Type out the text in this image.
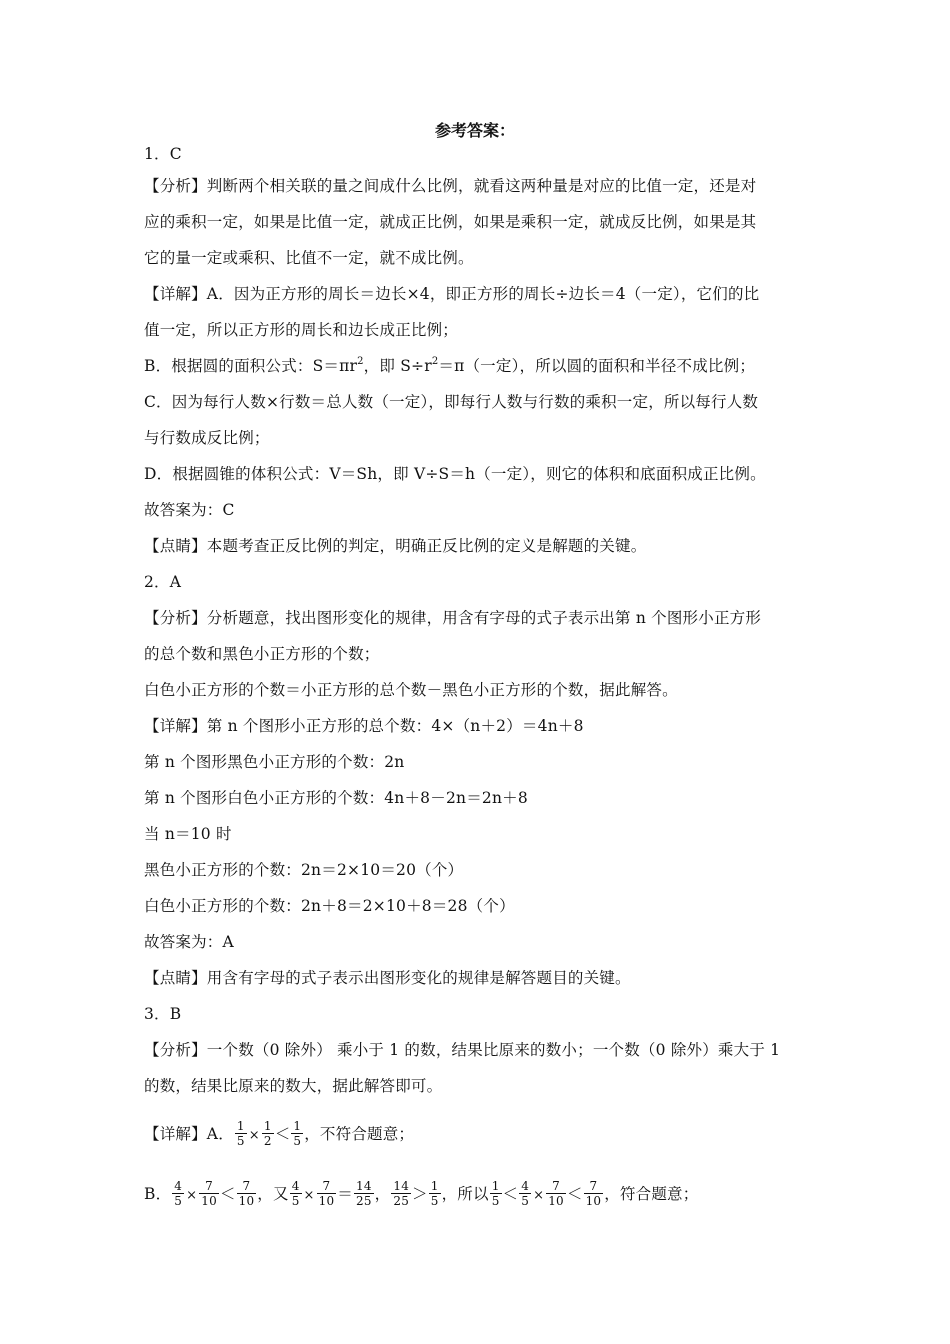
参考答案：
1．C
【分析】判断两个相关联的量之间成什么比例，就看这两种量是对应的比值一定，还是对
应的乘积一定，如果是比值一定，就成正比例，如果是乘积一定，就成反比例，如果是其
它的量一定或乘积、比值不一定，就不成比例。
【详解】A．因为正方形的周长＝边长×4，即正方形的周长÷边长＝4（一定），它们的比
值一定，所以正方形的周长和边长成正比例；
B．根据圆的面积公式：$S=\pi r^2$，即 $S\div r^2=\pi$（一定），所以圆的面积和半径不成比例；
C．因为每行人数×行数＝总人数（一定），即每行人数与行数的乘积一定，所以每行人数
与行数成反比例；
D．根据圆锥的体积公式：V＝Sh，即 V÷S＝h（一定），则它的体积和底面积成正比例。
故答案为：C
【点睛】本题考查正反比例的判定，明确正反比例的定义是解题的关键。
2．A
【分析】分析题意，找出图形变化的规律，用含有字母的式子表示出第 n 个图形小正方形
的总个数和黑色小正方形的个数；
白色小正方形的个数＝小正方形的总个数－黑色小正方形的个数，据此解答。
【详解】第 n 个图形小正方形的总个数：4×（n＋2）＝4n＋8
第 n 个图形黑色小正方形的个数：2n
第 n 个图形白色小正方形的个数：4n＋8－2n＝2n＋8
当 n＝10 时
黑色小正方形的个数：2n＝2×10＝20（个）
白色小正方形的个数：2n＋8＝2×10＋8＝28（个）
故答案为：A
【点睛】用含有字母的式子表示出图形变化的规律是解答题目的关键。
3．B
【分析】一个数（0 除外） 乘小于 1 的数，结果比原来的数小；一个数（0 除外）乘大于 1
的数，结果比原来的数大，据此解答即可。
【详解】A． $\frac{1}{5} \times \frac{1}{2} < \frac{1}{5}$ ，不符合题意；
B． $\frac{4}{5} \times \frac{7}{10} < \frac{7}{10}$ ，又 $\frac{4}{5} \times \frac{7}{10} = \frac{14}{25}$ ， $\frac{14}{25} > \frac{1}{5}$ ，所以 $\frac{1}{5} < \frac{4}{5} \times \frac{7}{10} < \frac{7}{10}$ ，符合题意；
